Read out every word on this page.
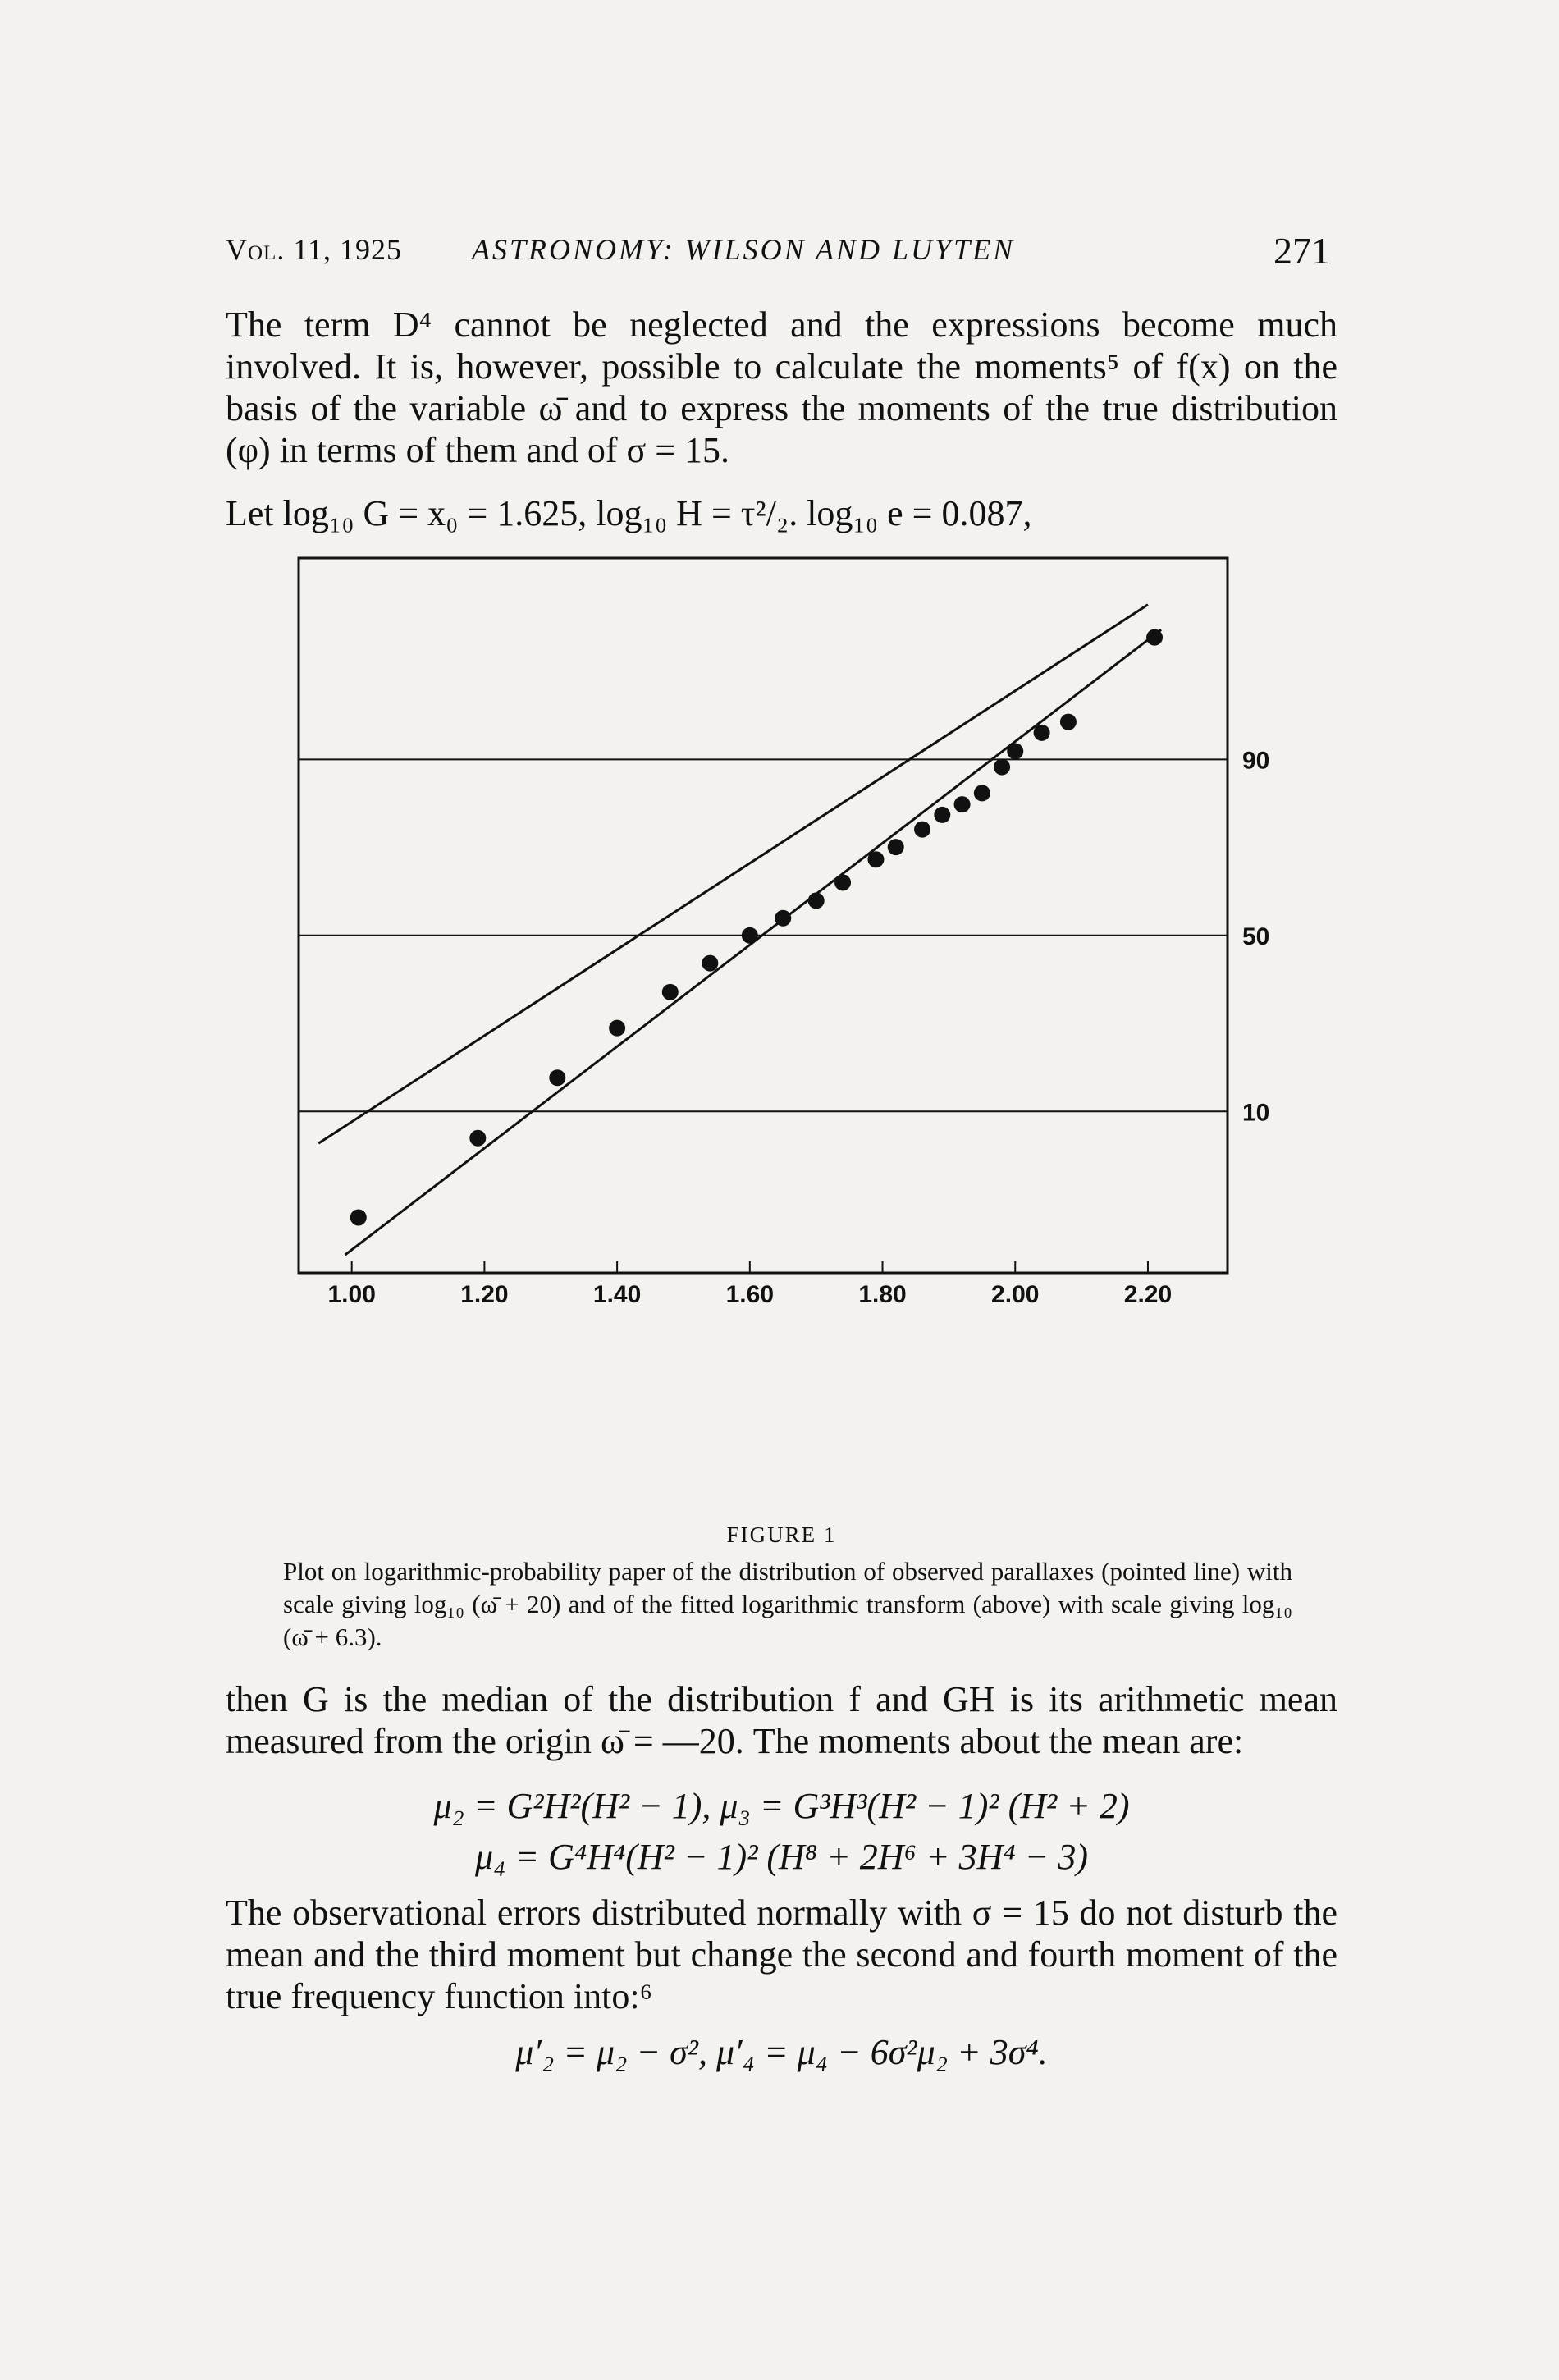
Vol. 11, 1925 ASTRONOMY: WILSON AND LUYTEN	271

The term D⁴ cannot be neglected and the expressions become much involved. It is, however, possible to calculate the moments⁵ of f(x) on the basis of the variable ω̄ and to express the moments of the true distribution (φ) in terms of them and of σ = 15.

Let log₁₀ G = x₀ = 1.625, log₁₀ H = τ²/₂. log₁₀ e = 0.087,
1.00	1.20	1.40	1.60	1.80	2.00	2.20
10
50
90
FIGURE 1

Plot on logarithmic-probability paper of the distribution of observed parallaxes (pointed line) with scale giving log₁₀ (ω̄ + 20) and of the fitted logarithmic transform (above) with scale giving log₁₀ (ω̄ + 6.3).

then G is the median of the distribution f and GH is its arithmetic mean measured from the origin ω̄ = —20. The moments about the mean are:

μ₂ = G²H²(H² − 1), μ₃ = G³H³(H² − 1)² (H² + 2)
μ₄ = G⁴H⁴(H² − 1)² (H⁸ + 2H⁶ + 3H⁴ − 3)

The observational errors distributed normally with σ = 15 do not disturb the mean and the third moment but change the second and fourth moment of the true frequency function into:⁶

μ′₂ = μ₂ − σ², μ′₄ = μ₄ − 6σ²μ₂ + 3σ⁴.
